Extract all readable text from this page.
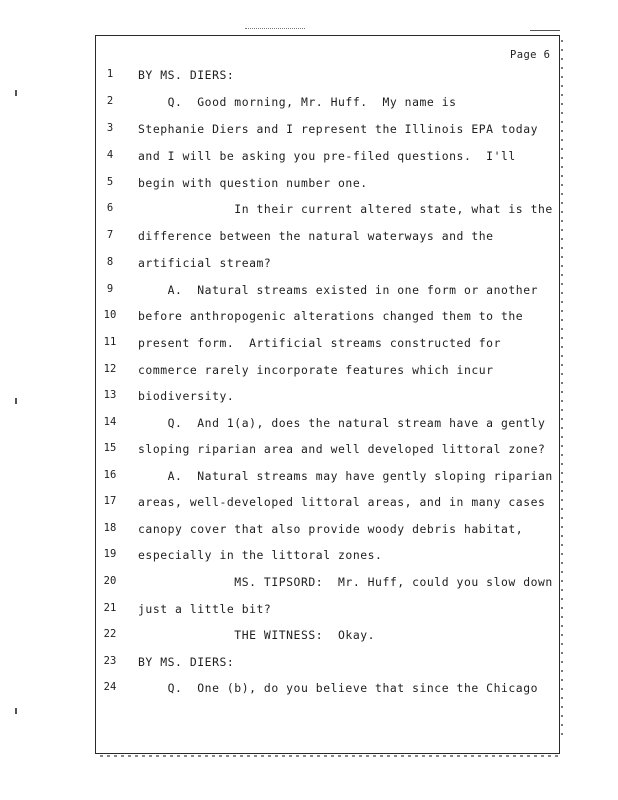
Page 6
1	BY MS. DIERS:
2	Q.  Good morning, Mr. Huff.  My name is
3	Stephanie Diers and I represent the Illinois EPA today
4	and I will be asking you pre-filed questions.  I'll
5	begin with question number one.
6	In their current altered state, what is the
7	difference between the natural waterways and the
8	artificial stream?
9	A.  Natural streams existed in one form or another
10	before anthropogenic alterations changed them to the
11	present form.  Artificial streams constructed for
12	commerce rarely incorporate features which incur
13	biodiversity.
14	Q.  And 1(a), does the natural stream have a gently
15	sloping riparian area and well developed littoral zone?
16	A.  Natural streams may have gently sloping riparian
17	areas, well-developed littoral areas, and in many cases
18	canopy cover that also provide woody debris habitat,
19	especially in the littoral zones.
20	MS. TIPSORD:  Mr. Huff, could you slow down
21	just a little bit?
22	THE WITNESS:  Okay.
23	BY MS. DIERS:
24	Q.  One (b), do you believe that since the Chicago
